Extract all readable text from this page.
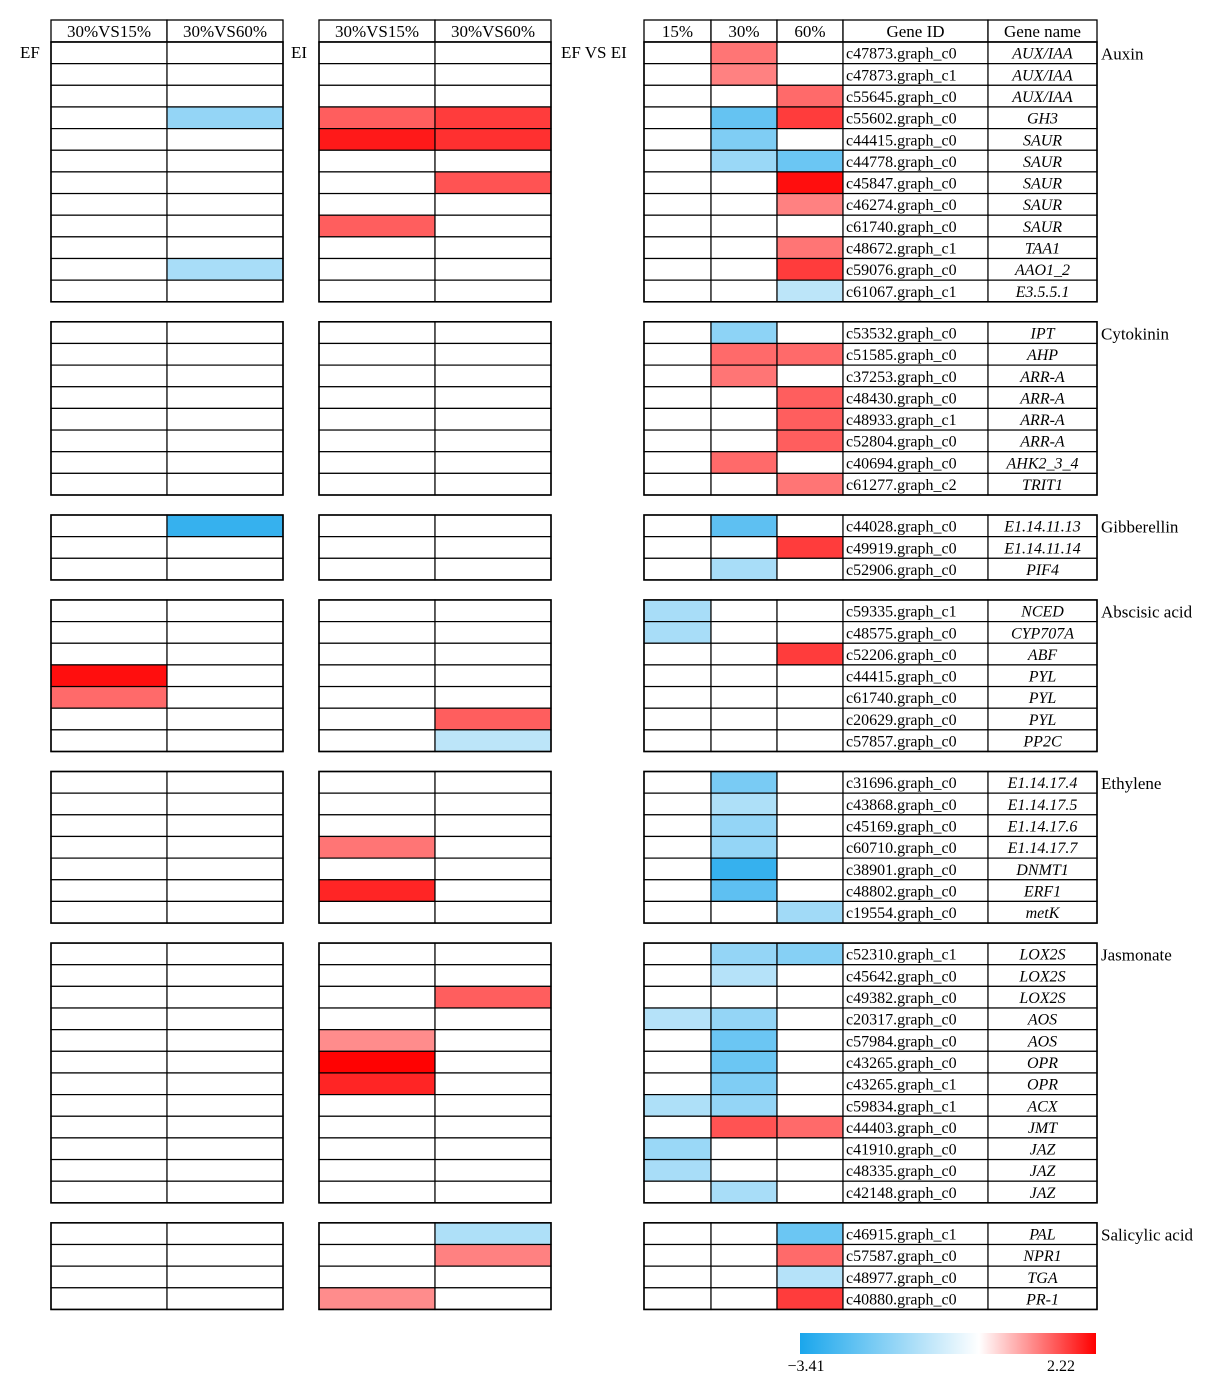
30%VS15% 30%VS60%	30%VS15% 30%VS60%	15% 30% 60%	Gene ID	Gene name
EF	EI	EF VS EI	c47873.graph_c0	AUX/IAA
c47873.graph_c1	AUX/IAA
c55645.graph_c0	AUX/IAA
c55602.graph_c0	GH3
c44415.graph_c0	SAUR
c44778.graph_c0	SAUR
c45847.graph_c0	SAUR
c46274.graph_c0	SAUR
c61740.graph_c0	SAUR
c48672.graph_c1	TAA1
c59076.graph_c0	AAO1_2
c61067.graph_c1	E3.5.5.1
Auxin
c53532.graph_c0	IPT
c51585.graph_c0	AHP
c37253.graph_c0	ARR-A
c48430.graph_c0	ARR-A
c48933.graph_c1	ARR-A
c52804.graph_c0	ARR-A
c40694.graph_c0	AHK2_3_4
c61277.graph_c2	TRIT1
Cytokinin
c44028.graph_c0	E1.14.11.13
c49919.graph_c0	E1.14.11.14
c52906.graph_c0	PIF4
Gibberellin
c59335.graph_c1	NCED
c48575.graph_c0	CYP707A
c52206.graph_c0	ABF
c44415.graph_c0	PYL
c61740.graph_c0	PYL
c20629.graph_c0	PYL
c57857.graph_c0	PP2C
Abscisic acid
c31696.graph_c0	E1.14.17.4
c43868.graph_c0	E1.14.17.5
c45169.graph_c0	E1.14.17.6
c60710.graph_c0	E1.14.17.7
c38901.graph_c0	DNMT1
c48802.graph_c0	ERF1
c19554.graph_c0	metK
Ethylene
c52310.graph_c1	LOX2S
c45642.graph_c0	LOX2S
c49382.graph_c0	LOX2S
c20317.graph_c0	AOS
c57984.graph_c0	AOS
c43265.graph_c0	OPR
c43265.graph_c1	OPR
c59834.graph_c1	ACX
c44403.graph_c0	JMT
c41910.graph_c0	JAZ
c48335.graph_c0	JAZ
c42148.graph_c0	JAZ
Jasmonate
c46915.graph_c1	PAL
c57587.graph_c0	NPR1
c48977.graph_c0	TGA
c40880.graph_c0	PR-1
Salicylic acid
−3.41	2.22
